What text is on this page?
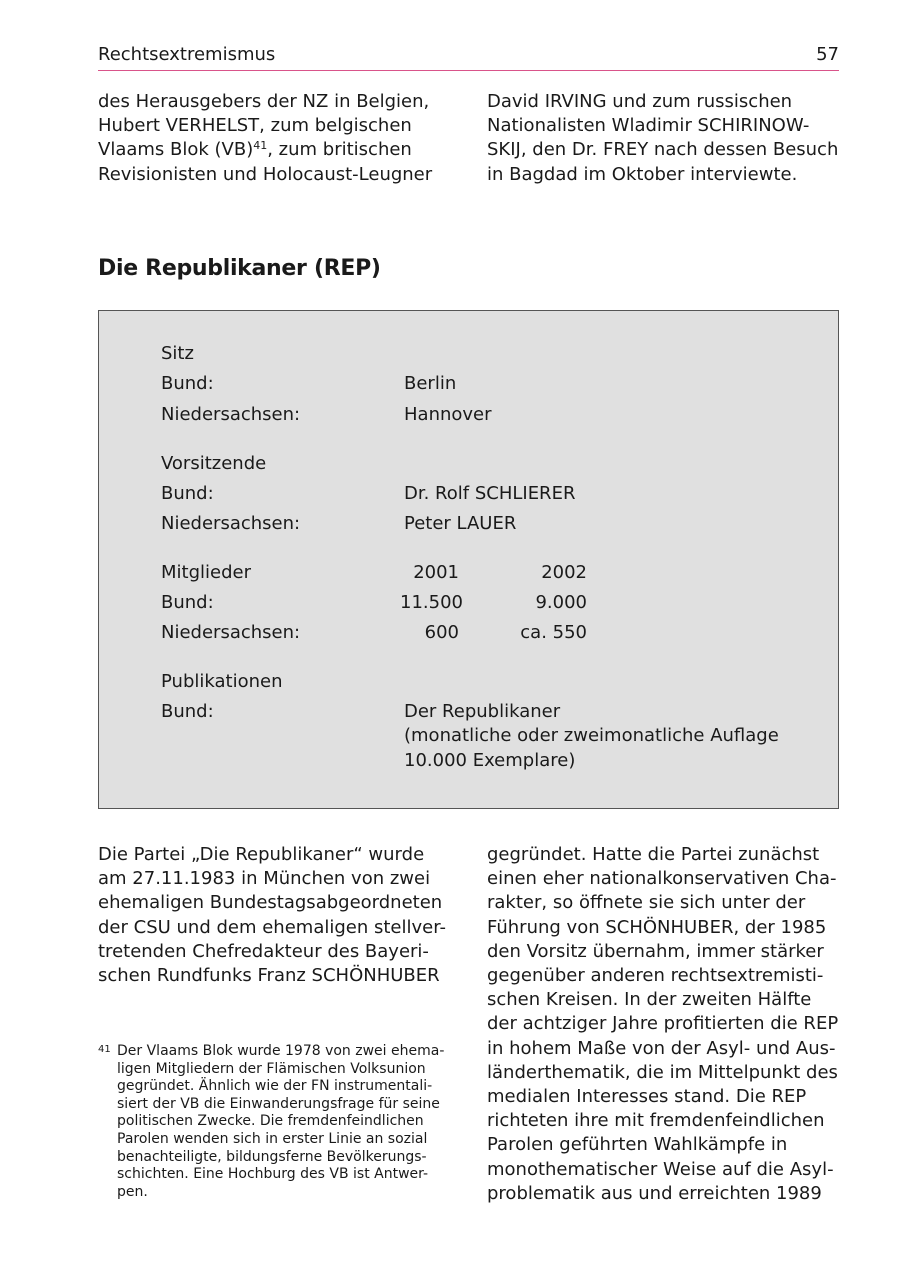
Rechtsextremismus	57
des Herausgebers der NZ in Belgien,
Hubert VERHELST, zum belgischen
Vlaams Blok (VB)$^{41}$, zum britischen
Revisionisten und Holocaust-Leugner
David IRVING und zum russischen
Nationalisten Wladimir SCHIRINOW-
SKIJ, den Dr. FREY nach dessen Besuch
in Bagdad im Oktober interviewte.
Die Republikaner (REP)
Sitz
Bund:	Berlin
Niedersachsen:	Hannover
Vorsitzende
Bund:	Dr. Rolf SCHLIERER
Niedersachsen:	Peter LAUER
Mitglieder	2001	2002
Bund:	11.500	9.000
Niedersachsen:	600	ca. 550
Publikationen
Bund:	Der Republikaner
(monatliche oder zweimonatliche Auflage
10.000 Exemplare)
Die Partei „Die Republikaner“ wurde
am 27.11.1983 in München von zwei
ehemaligen Bundestagsabgeordneten
der CSU und dem ehemaligen stellver-
tretenden Chefredakteur des Bayeri-
schen Rundfunks Franz SCHÖNHUBER
gegründet. Hatte die Partei zunächst
einen eher nationalkonservativen Cha-
rakter, so öffnete sie sich unter der
Führung von SCHÖNHUBER, der 1985
den Vorsitz übernahm, immer stärker
gegenüber anderen rechtsextremisti-
schen Kreisen. In der zweiten Hälfte
der achtziger Jahre profitierten die REP
in hohem Maße von der Asyl- und Aus-
länderthematik, die im Mittelpunkt des
medialen Interesses stand. Die REP
richteten ihre mit fremdenfeindlichen
Parolen geführten Wahlkämpfe in
monothematischer Weise auf die Asyl-
problematik aus und erreichten 1989
41 Der Vlaams Blok wurde 1978 von zwei ehema-
ligen Mitgliedern der Flämischen Volksunion
gegründet. Ähnlich wie der FN instrumentali-
siert der VB die Einwanderungsfrage für seine
politischen Zwecke. Die fremdenfeindlichen
Parolen wenden sich in erster Linie an sozial
benachteiligte, bildungsferne Bevölkerungs-
schichten. Eine Hochburg des VB ist Antwer-
pen.
